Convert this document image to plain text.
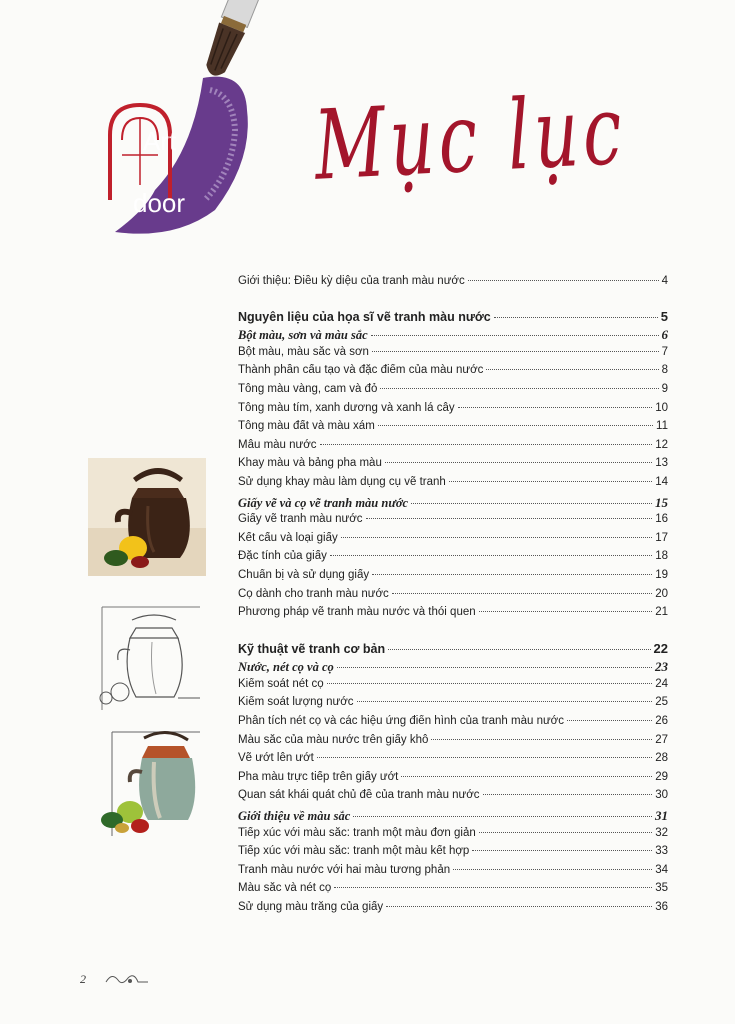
Art
door
Mục lục
Giới thiệu: Điều kỳ diệu của tranh màu nước	4
Nguyên liệu của họa sĩ vẽ tranh màu nước	5
Bột màu, sơn và màu sắc	6
Bột màu, màu sắc và sơn	7
Thành phần cấu tạo và đặc điểm của màu nước	8
Tông màu vàng, cam và đỏ	9
Tông màu tím, xanh dương và xanh lá cây	10
Tông màu đất và màu xám	11
Mẫu màu nước	12
Khay màu và bảng pha màu	13
Sử dụng khay màu làm dụng cụ vẽ tranh	14
Giấy vẽ và cọ vẽ tranh màu nước	15
Giấy vẽ tranh màu nước	16
Kết cấu và loại giấy	17
Đặc tính của giấy	18
Chuẩn bị và sử dụng giấy	19
Cọ dành cho tranh màu nước	20
Phương pháp vẽ tranh màu nước và thói quen	21
Kỹ thuật vẽ tranh cơ bản	22
Nước, nét cọ và cọ	23
Kiểm soát nét cọ	24
Kiểm soát lượng nước	25
Phân tích nét cọ và các hiệu ứng điển hình của tranh màu nước	26
Màu sắc của màu nước trên giấy khô	27
Vẽ ướt lên ướt	28
Pha màu trực tiếp trên giấy ướt	29
Quan sát khái quát chủ đề của tranh màu nước	30
Giới thiệu về màu sắc	31
Tiếp xúc với màu sắc: tranh một màu đơn giản	32
Tiếp xúc với màu sắc: tranh một màu kết hợp	33
Tranh màu nước với hai màu tương phản	34
Màu sắc và nét cọ	35
Sử dụng màu trắng của giấy	36
2
